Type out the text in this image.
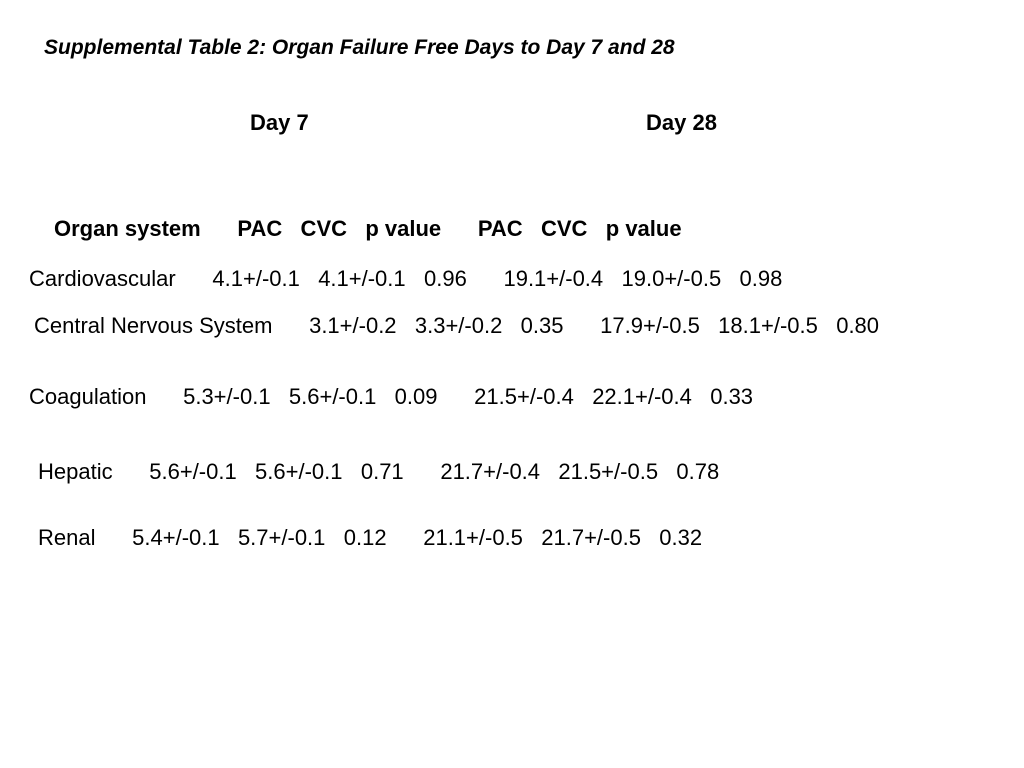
Supplemental Table 2: Organ Failure Free Days to Day 7 and 28
Day 7	Day 28
Organ system      PAC   CVC   p value      PAC   CVC   p value
Cardiovascular      4.1+/-0.1   4.1+/-0.1   0.96      19.1+/-0.4   19.0+/-0.5   0.98
Central Nervous System      3.1+/-0.2   3.3+/-0.2   0.35      17.9+/-0.5   18.1+/-0.5   0.80
Coagulation      5.3+/-0.1   5.6+/-0.1   0.09      21.5+/-0.4   22.1+/-0.4   0.33
Hepatic      5.6+/-0.1   5.6+/-0.1   0.71      21.7+/-0.4   21.5+/-0.5   0.78
Renal      5.4+/-0.1   5.7+/-0.1   0.12      21.1+/-0.5   21.7+/-0.5   0.32
